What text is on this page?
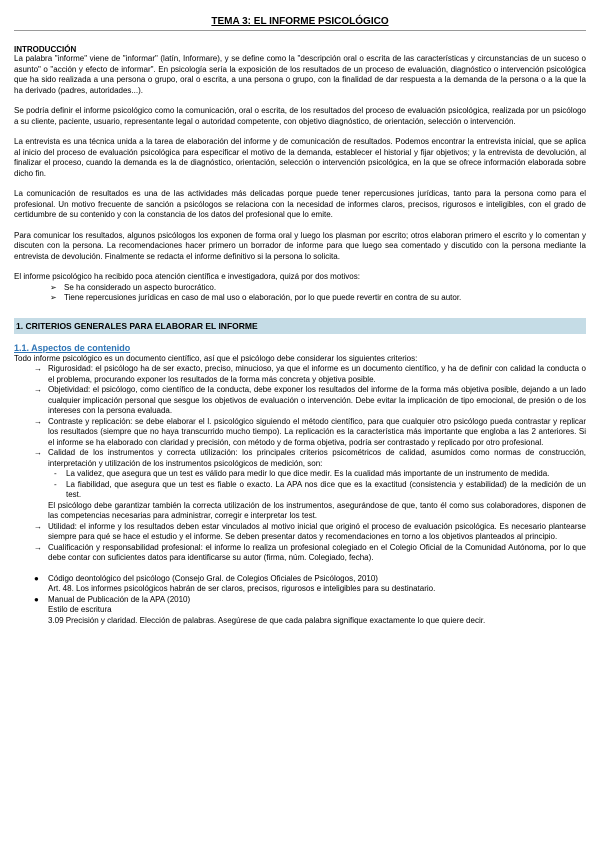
TEMA 3: EL INFORME PSICOLÓGICO
INTRODUCCIÓN

La palabra "informe" viene de "informar" (latín, Informare), y se define como la "descripción oral o escrita de las características y circunstancias de un suceso o asunto" o "acción y efecto de informar". En psicología sería la exposición de los resultados de un proceso de evaluación, diagnóstico o intervención psicológica que ha sido realizada a una persona o grupo, oral o escrita, a una persona o grupo, con la finalidad de dar respuesta a la demanda de la persona o a la que la ha derivado (padres, autoridades...).

Se podría definir el informe psicológico como la comunicación, oral o escrita, de los resultados del proceso de evaluación psicológica, realizada por un psicólogo a su cliente, paciente, usuario, representante legal o autoridad competente, con objetivo diagnóstico, de orientación, selección o intervención.

La entrevista es una técnica unida a la tarea de elaboración del informe y de comunicación de resultados. Podemos encontrar la entrevista inicial, que se aplica al inicio del proceso de evaluación psicológica para especificar el motivo de la demanda, establecer el historial y fijar objetivos; y la entrevista de devolución, al finalizar el proceso, cuando la demanda es la de diagnóstico, orientación, selección o intervención psicológica, en la que se ofrece información elaborada sobre dicho fin.

La comunicación de resultados es una de las actividades más delicadas porque puede tener repercusiones jurídicas, tanto para la persona como para el profesional. Un motivo frecuente de sanción a psicólogos se relaciona con la necesidad de informes claros, precisos, rigurosos e inteligibles, con el grado de certidumbre de su contenido y con la constancia de los datos del profesional que lo emite.

Para comunicar los resultados, algunos psicólogos los exponen de forma oral y luego los plasman por escrito; otros elaboran primero el escrito y lo comentan y discuten con la persona. La recomendaciones hacer primero un borrador de informe para que luego sea comentado y discutido con la persona mediante la entrevista de devolución. Finalmente se redacta el informe definitivo si la persona lo solicita.

El informe psicológico ha recibido poca atención científica e investigadora, quizá por dos motivos:

➢ Se ha considerado un aspecto burocrático.
➢ Tiene repercusiones jurídicas en caso de mal uso o elaboración, por lo que puede revertir en contra de su autor.
1. CRITERIOS GENERALES PARA ELABORAR EL INFORME
1.1. Aspectos de contenido

Todo informe psicológico es un documento científico, así que el psicólogo debe considerar los siguientes criterios:

→ Rigurosidad: el psicólogo ha de ser exacto, preciso, minucioso, ya que el informe es un documento científico, y ha de definir con calidad la conducta o el problema, procurando exponer los resultados de la forma más concreta y objetiva posible.
→ Objetividad: el psicólogo, como científico de la conducta, debe exponer los resultados del informe de la forma más objetiva posible, dejando a un lado cualquier implicación personal que sesgue los objetivos de evaluación o intervención. Debe evitar la implicación de tipo emocional, de presión o de los intereses con la persona evaluada.
→ Contraste y replicación: se debe elaborar el l. psicológico siguiendo el método científico, para que cualquier otro psicólogo pueda contrastar y replicar los resultados (siempre que no haya transcurrido mucho tiempo). La replicación es la característica más importante que engloba a las 2 anteriores. Si el informe se ha elaborado con claridad y precisión, con método y de forma objetiva, podría ser contrastado y replicado por otro profesional.
→ Calidad de los instrumentos y correcta utilización: los principales criterios psicométricos de calidad, asumidos como normas de construcción, interpretación y utilización de los instrumentos psicológicos de medición, son:
- La validez, que asegura que un test es válido para medir lo que dice medir. Es la cualidad más importante de un instrumento de medida.
- La fiabilidad, que asegura que un test es fiable o exacto. La APA nos dice que es la exactitud (consistencia y estabilidad) de la medición de un test.

El psicólogo debe garantizar también la correcta utilización de los instrumentos, asegurándose de que, tanto él como sus colaboradores, disponen de las competencias necesarias para administrar, corregir e interpretar los test.

→ Utilidad: el informe y los resultados deben estar vinculados al motivo inicial que originó el proceso de evaluación psicológica. Es necesario plantearse siempre para qué se hace el estudio y el informe. Se deben presentar datos y recomendaciones en torno a los objetivos planteados al principio.
→ Cualificación y responsabilidad profesional: el informe lo realiza un profesional colegiado en el Colegio Oficial de la Comunidad Autónoma, por lo que debe contar con suficientes datos para identificarse su autor (firma, núm. Colegiado, fecha).
● Código deontológico del psicólogo (Consejo Gral. de Colegios Oficiales de Psicólogos, 2010)
Art. 48. Los informes psicológicos habrán de ser claros, precisos, rigurosos e inteligibles para su destinatario.
● Manual de Publicación de la APA (2010)
Estilo de escritura
3.09 Precisión y claridad. Elección de palabras. Asegúrese de que cada palabra signifique exactamente lo que quiere decir.
